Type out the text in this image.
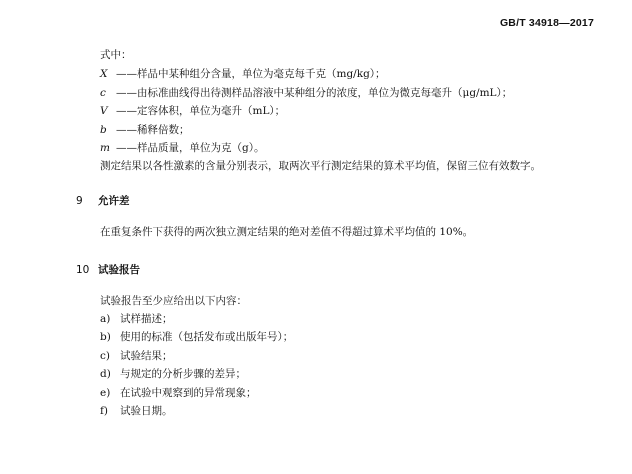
GB/T 34918—2017
式中：
X ——样品中某种组分含量，单位为毫克每千克（mg/kg）；
c ——由标准曲线得出待测样品溶液中某种组分的浓度，单位为微克每毫升（μg/mL）；
V ——定容体积，单位为毫升（mL）；
b ——稀释倍数；
m ——样品质量，单位为克（g）。
测定结果以各性激素的含量分别表示，取两次平行测定结果的算术平均值，保留三位有效数字。
9 允许差
在重复条件下获得的两次独立测定结果的绝对差值不得超过算术平均值的 10%。
10 试验报告
试验报告至少应给出以下内容：
a) 试样描述；
b) 使用的标准（包括发布或出版年号）；
c) 试验结果；
d) 与规定的分析步骤的差异；
e) 在试验中观察到的异常现象；
f) 试验日期。
